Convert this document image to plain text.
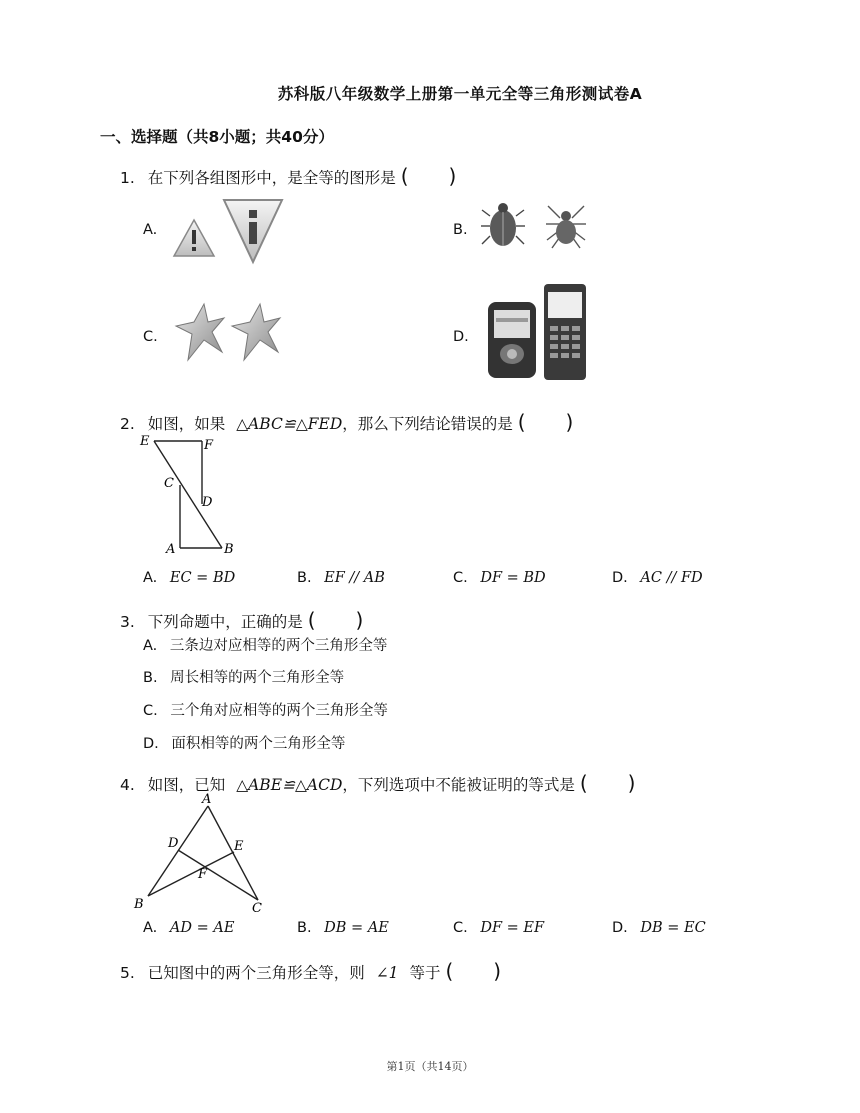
苏科版八年级数学上册第一单元全等三角形测试卷A
一、选择题（共8小题；共40分）
1. 在下列各组图形中，是全等的图形是 (　　)
A.	B.
C.	D.
2. 如图，如果 △ABC≌△FED，那么下列结论错误的是 (　　)
E	F
C
D
A	B
A. EC = BD	B. EF // AB	C. DF = BD	D. AC // FD
3. 下列命题中，正确的是 (　　)
A. 三条边对应相等的两个三角形全等
B. 周长相等的两个三角形全等
C. 三个角对应相等的两个三角形全等
D. 面积相等的两个三角形全等
4. 如图，已知 △ABE≌△ACD，下列选项中不能被证明的等式是 (　　)
A
D	E
F
B	C
A. AD = AE	B. DB = AE	C. DF = EF	D. DB = EC
5. 已知图中的两个三角形全等，则 ∠1 等于 (　　)
第1页（共14页）
